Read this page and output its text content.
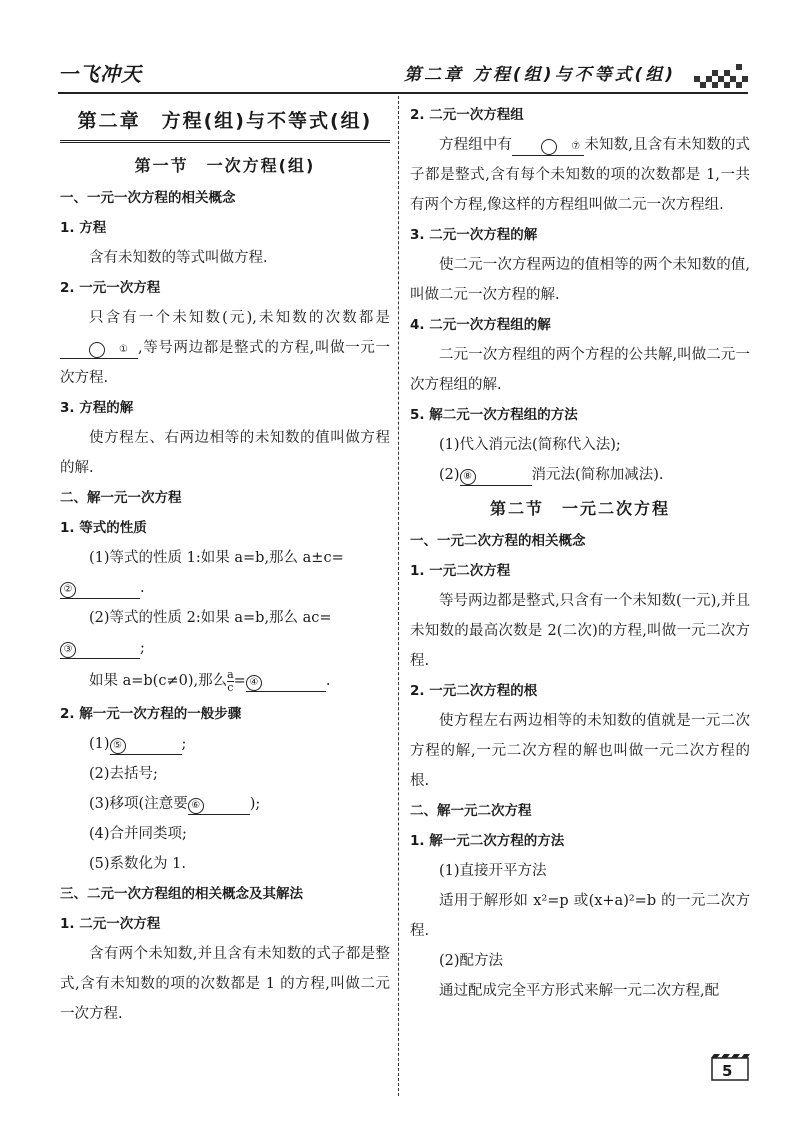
一飞冲天	第二章 方程(组)与不等式(组)
第二章　方程(组)与不等式(组)
第一节　一次方程(组)
一、一元一次方程的相关概念
1. 方程
含有未知数的等式叫做方程.
2. 一元一次方程
只含有一个未知数(元),未知数的次数都是① ,等号两边都是整式的方程,叫做一元一次方程.
3. 方程的解
使方程左、右两边相等的未知数的值叫做方程的解.
二、解一元一次方程
1. 等式的性质
(1)等式的性质 1:如果 a=b,那么 a±c=
②	.
(2)等式的性质 2:如果 a=b,那么 ac=
③	;
如果 a=b(c≠0),那么 $\frac{a}{c}$ = ④	.
2. 解一元一次方程的一般步骤
(1) ⑤	;
(2)去括号;
(3)移项(注意要 ⑥	);
(4)合并同类项;
(5)系数化为 1.
三、二元一次方程组的相关概念及其解法
1. 二元一次方程
含有两个未知数,并且含有未知数的式子都是整式,含有未知数的项的次数都是 1 的方程,叫做二元一次方程.
2. 二元一次方程组
方程组中有	⑦ 未知数,且含有未知数的式子都是整式,含有每个未知数的项的次数都是 1,一共有两个方程,像这样的方程组叫做二元一次方程组.
3. 二元一次方程的解
使二元一次方程两边的值相等的两个未知数的值,叫做二元一次方程的解.
4. 二元一次方程组的解
二元一次方程组的两个方程的公共解,叫做二元一次方程组的解.
5. 解二元一次方程组的方法
(1)代入消元法(简称代入法);
(2) ⑧	消元法(简称加减法).
第二节　一元二次方程
一、一元二次方程的相关概念
1. 一元二次方程
等号两边都是整式,只含有一个未知数(一元),并且未知数的最高次数是 2(二次)的方程,叫做一元二次方程.
2. 一元二次方程的根
使方程左右两边相等的未知数的值就是一元二次方程的解,一元二次方程的解也叫做一元二次方程的根.
二、解一元二次方程
1. 解一元二次方程的方法
(1)直接开平方法
适用于解形如 x²=p 或(x+a)²=b 的一元二次方程.
(2)配方法
通过配成完全平方形式来解一元二次方程,配
5
